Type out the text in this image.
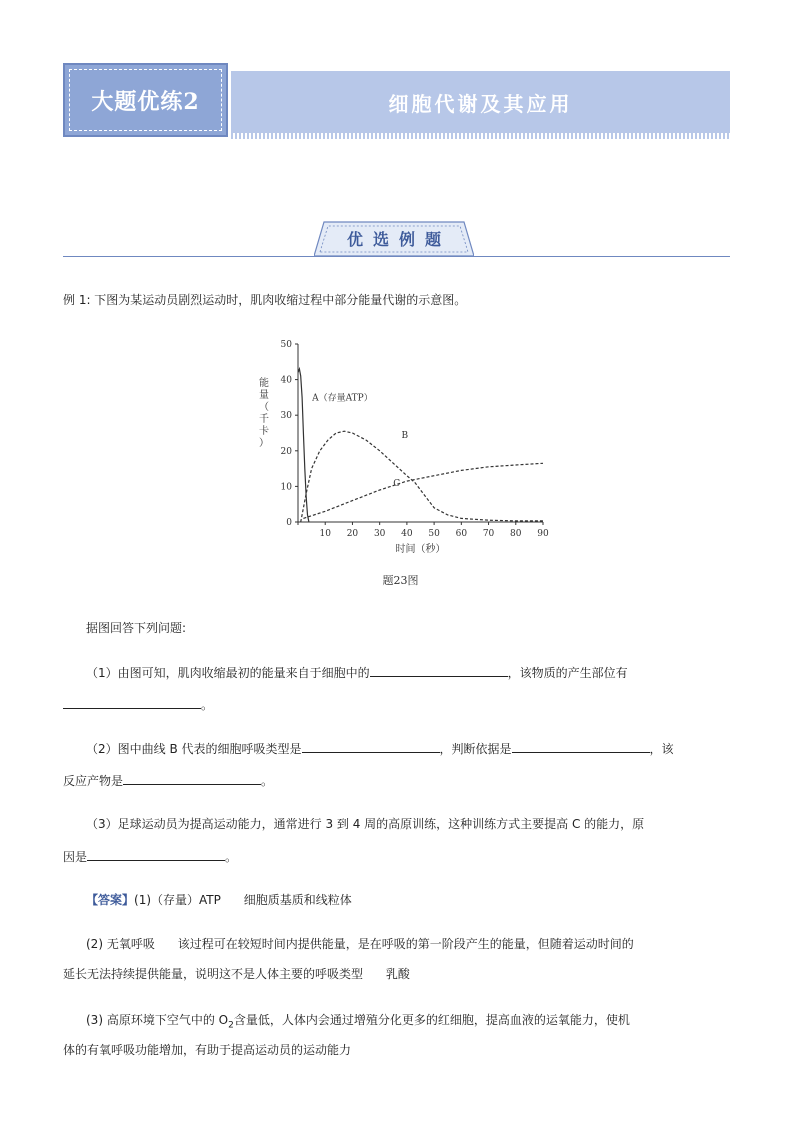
大题优练2	细胞代谢及其应用
优选例题
例 1: 下图为某运动员剧烈运动时，肌肉收缩过程中部分能量代谢的示意图。
10 20 30 40 50 60 70 80 90
0
10
20
30
40
50
能
量
（
千
卡
）
时间（秒）
A（存量ATP）
B
C
题23图
据图回答下列问题:
（1）由图可知，肌肉收缩最初的能量来自于细胞中的	，该物质的产生部位有
。
（2）图中曲线 B 代表的细胞呼吸类型是	，判断依据是	，该
反应产物是	。
（3）足球运动员为提高运动能力，通常进行 3 到 4 周的高原训练，这种训练方式主要提高 C 的能力，原
因是	。
【答案】(1)（存量）ATP      细胞质基质和线粒体
(2) 无氧呼吸      该过程可在较短时间内提供能量，是在呼吸的第一阶段产生的能量，但随着运动时间的
延长无法持续提供能量，说明这不是人体主要的呼吸类型      乳酸
(3) 高原环境下空气中的 $O_2$含量低，人体内会通过增殖分化更多的红细胞，提高血液的运氧能力，使机
体的有氧呼吸功能增加，有助于提高运动员的运动能力
